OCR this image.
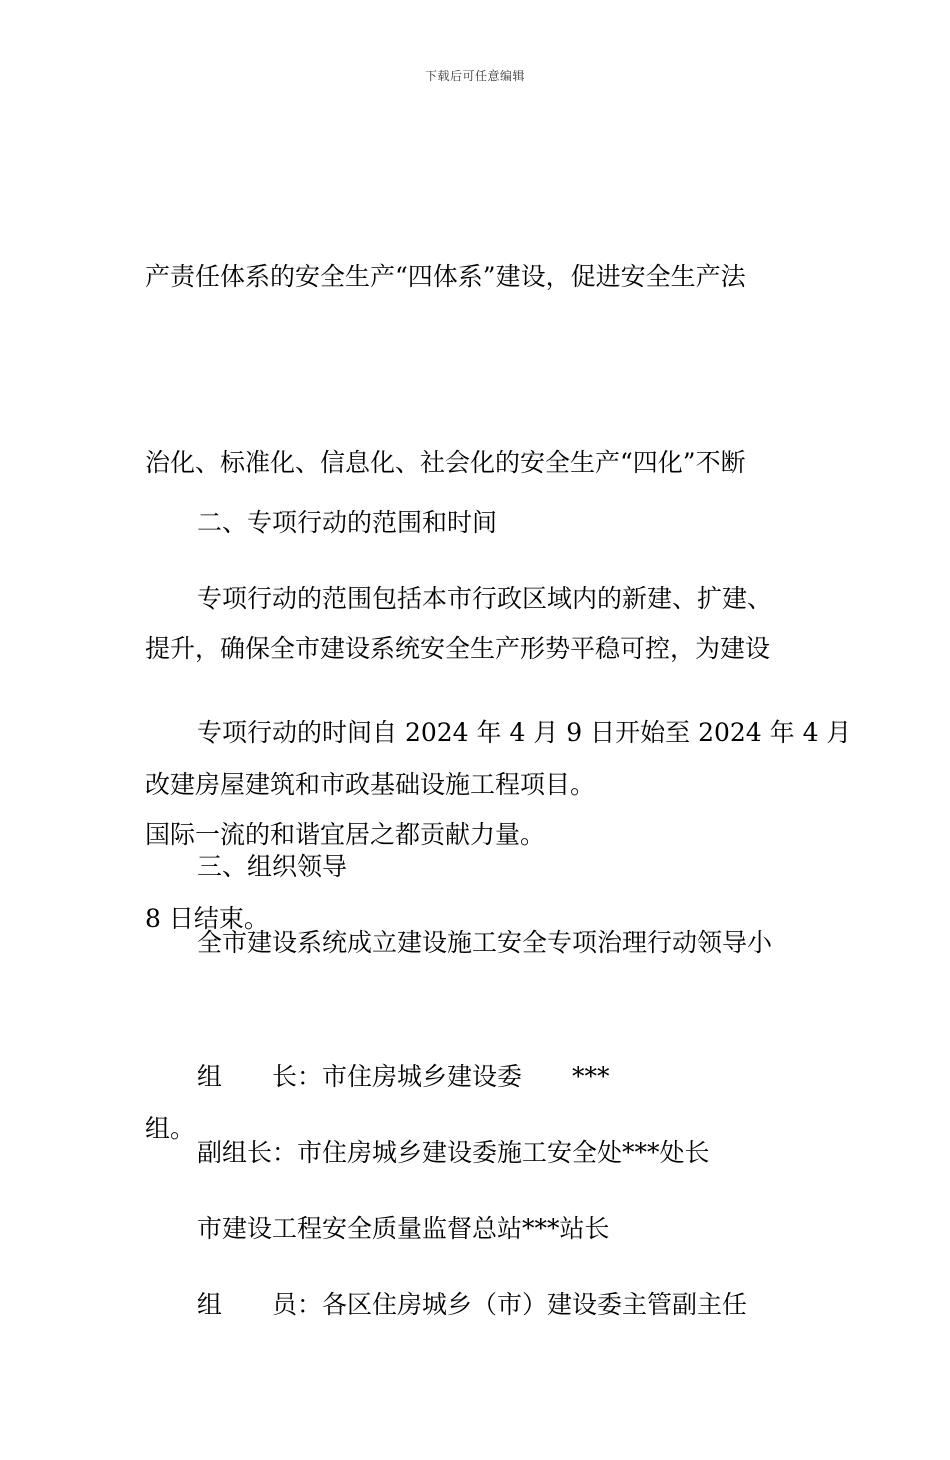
下载后可任意编辑

产责任体系的安全生产“四体系”建设，促进安全生产法

治化、标准化、信息化、社会化的安全生产“四化”不断

提升，确保全市建设系统安全生产形势平稳可控，为建设

国际一流的和谐宜居之都贡献力量。

二、专项行动的范围和时间

专项行动的范围包括本市行政区域内的新建、扩建、

改建房屋建筑和市政基础设施工程项目。

专项行动的时间自 2024 年 4 月 9 日开始至 2024 年 4 月

8 日结束。

三、组织领导

全市建设系统成立建设施工安全专项治理行动领导小

组。

组　　长：市住房城乡建设委　　***

副组长：市住房城乡建设委施工安全处***处长

市建设工程安全质量监督总站***站长

组　　员：各区住房城乡（市）建设委主管副主任
